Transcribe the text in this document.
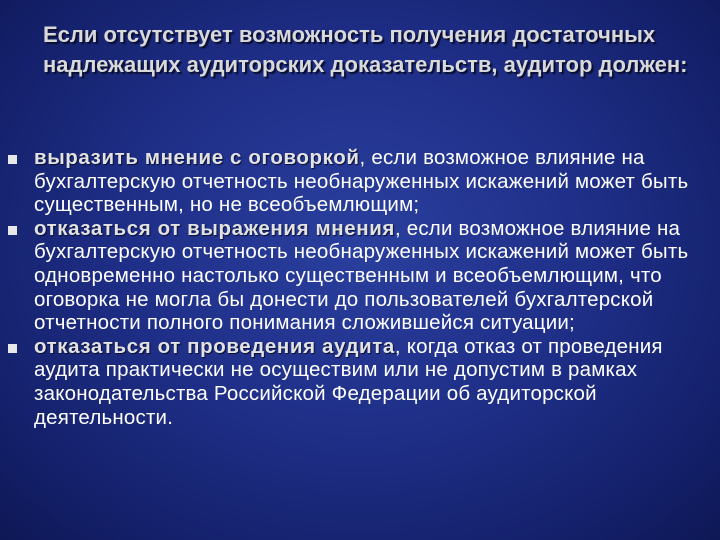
Если отсутствует возможность получения достаточных надлежащих аудиторских доказательств, аудитор должен:
выразить мнение с оговоркой, если возможное влияние на бухгалтерскую отчетность необнаруженных искажений может быть существенным, но не всеобъемлющим;
отказаться от выражения мнения, если возможное влияние на бухгалтерскую отчетность необнаруженных искажений может быть одновременно настолько существенным и всеобъемлющим, что оговорка не могла бы донести до пользователей бухгалтерской отчетности полного понимания сложившейся ситуации;
отказаться от проведения аудита, когда отказ от проведения аудита практически не осуществим или не допустим в рамках законодательства Российской Федерации об аудиторской деятельности.
